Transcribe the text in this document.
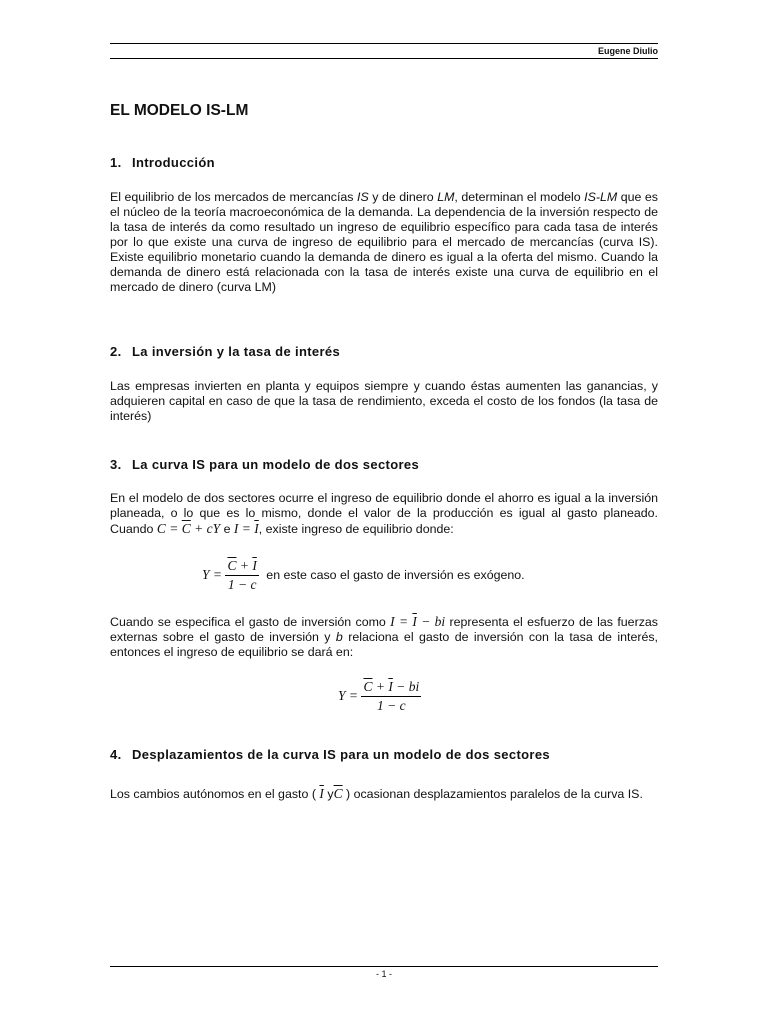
Eugene Diulio
EL MODELO IS-LM
1. Introducción

El equilibrio de los mercados de mercancías IS y de dinero LM, determinan el modelo IS-LM que es el núcleo de la teoría macroeconómica de la demanda. La dependencia de la inversión respecto de la tasa de interés da como resultado un ingreso de equilibrio específico para cada tasa de interés por lo que existe una curva de ingreso de equilibrio para el mercado de mercancías (curva IS). Existe equilibrio monetario cuando la demanda de dinero es igual a la oferta del mismo. Cuando la demanda de dinero está relacionada con la tasa de interés existe una curva de equilibrio en el mercado de dinero (curva LM)

2. La inversión y la tasa de interés

Las empresas invierten en planta y equipos siempre y cuando éstas aumenten las ganancias, y adquieren capital en caso de que la tasa de rendimiento, exceda el costo de los fondos (la tasa de interés)

3. La curva IS para un modelo de dos sectores

En el modelo de dos sectores ocurre el ingreso de equilibrio donde el ahorro es igual a la inversión planeada, o lo que es lo mismo, donde el valor de la producción es igual al gasto planeado. Cuando $C = \overline{C}$ + cY e $I = \overline{I}$, existe ingreso de equilibrio donde:

$Y = \frac{\overline{C} + \overline{I}}{1 - c}$ en este caso el gasto de inversión es exógeno.

Cuando se especifica el gasto de inversión como $I = \overline{I}$ − bi representa el esfuerzo de las fuerzas externas sobre el gasto de inversión y b relaciona el gasto de inversión con la tasa de interés, entonces el ingreso de equilibrio se dará en:

$Y = \frac{\overline{C} + \overline{I} - bi}{1 - c}$
4. Desplazamientos de la curva IS para un modelo de dos sectores

Los cambios autónomos en el gasto ( $\overline{I}$ $y\overline{C}$ ) ocasionan desplazamientos paralelos de la curva IS.

- 1 -
